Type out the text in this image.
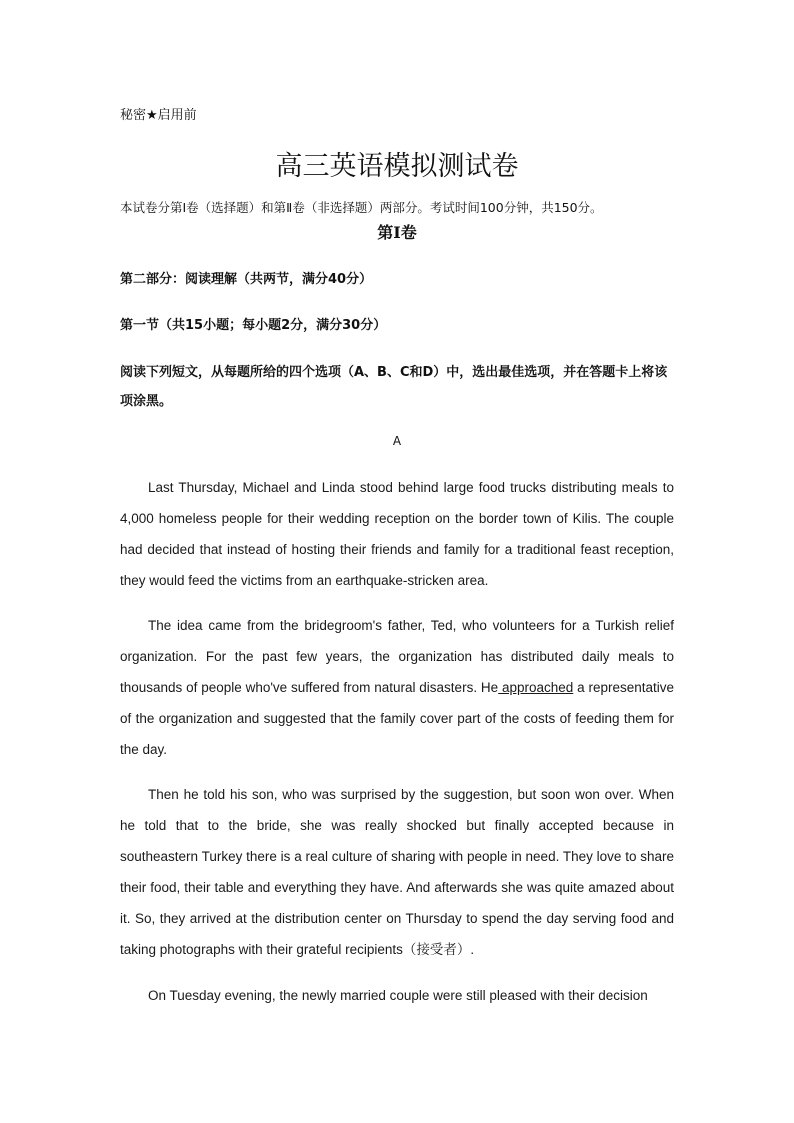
秘密★启用前
高三英语模拟测试卷
本试卷分第Ⅰ卷（选择题）和第Ⅱ卷（非选择题）两部分。考试时间100分钟，共150分。
第Ⅰ卷
第二部分：阅读理解（共两节，满分40分）
第一节（共15小题；每小题2分，满分30分）
阅读下列短文，从每题所给的四个选项（A、B、C和D）中，选出最佳选项，并在答题卡上将该项涂黑。
A
Last Thursday, Michael and Linda stood behind large food trucks distributing meals to 4,000 homeless people for their wedding reception on the border town of Kilis. The couple had decided that instead of hosting their friends and family for a traditional feast reception, they would feed the victims from an earthquake-stricken area.
The idea came from the bridegroom's father, Ted, who volunteers for a Turkish relief organization. For the past few years, the organization has distributed daily meals to thousands of people who've suffered from natural disasters. He approached a representative of the organization and suggested that the family cover part of the costs of feeding them for the day.
Then he told his son, who was surprised by the suggestion, but soon won over. When he told that to the bride, she was really shocked but finally accepted because in southeastern Turkey there is a real culture of sharing with people in need. They love to share their food, their table and everything they have. And afterwards she was quite amazed about it. So, they arrived at the distribution center on Thursday to spend the day serving food and taking photographs with their grateful recipients（接受者）.
On Tuesday evening, the newly married couple were still pleased with their decision
